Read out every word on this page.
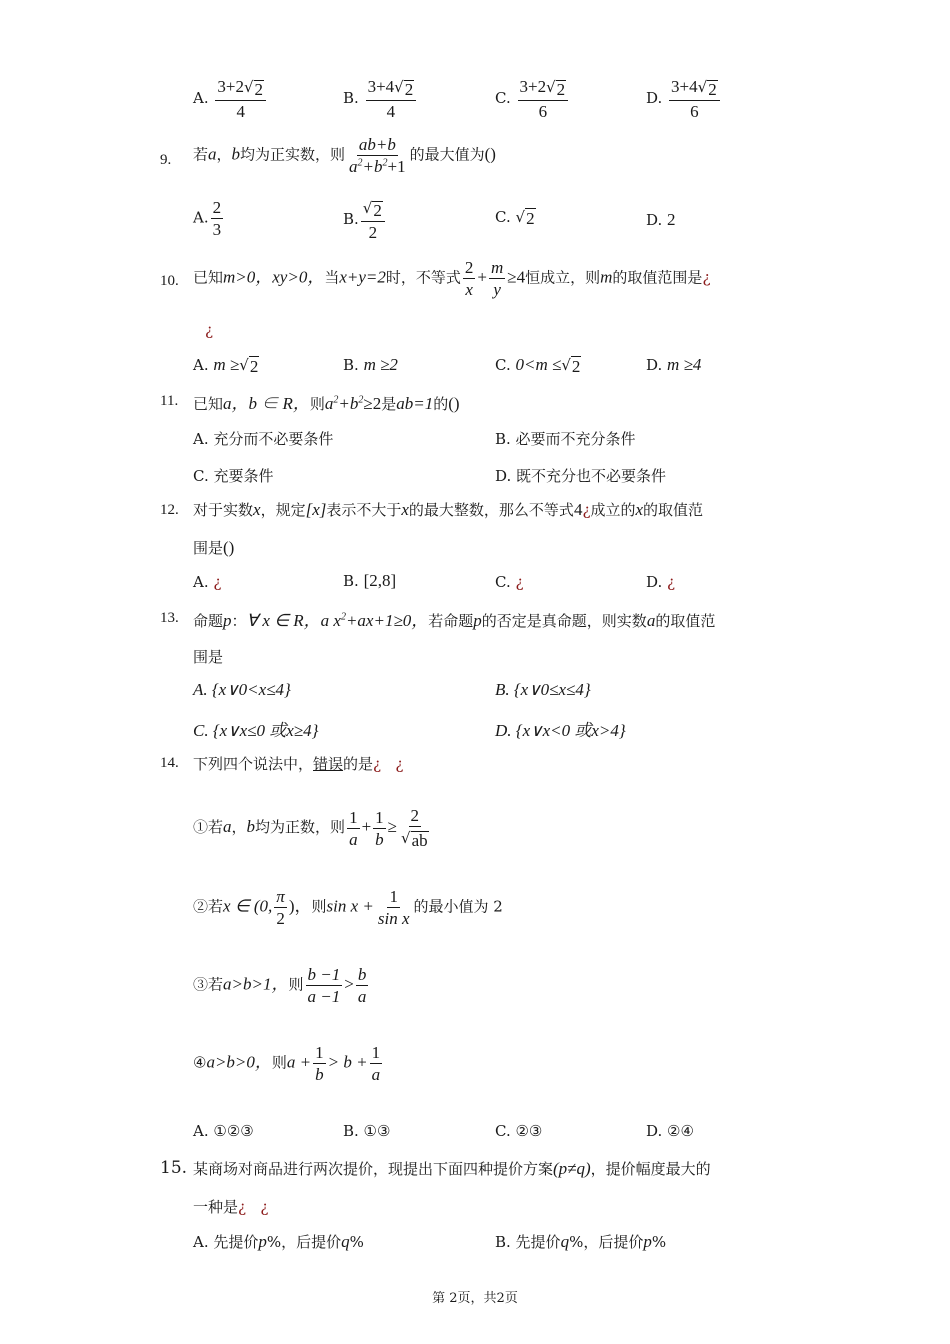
A. $\frac{3+2 √ 2}{4}$	B. $\frac{3+4 √ 2}{4}$	C. $\frac{3+2 √ 2}{6}$	D. $\frac{3+4 √ 2}{6}$
9. 若a，b均为正实数，则 $\frac{ab+b}{a^2+b^2+1}$ 的最大值为()
A. $\frac{2}{3}$	B. $\frac{√ 2}{2}$	C. √ 2	D. 2
10. 已知m>0，xy>0，当x+y=2时，不等式 $\frac{2}{x} + \frac{m}{y} \ge 4$恒成立，则m的取值范围是¿
¿
A. m ≥ √ 2	B. m ≥2	C. 0<m ≤ √ 2	D. m ≥4
11. 已知a，b ∈ R，则$a^2+b^2\ge 2$是ab=1的()
A. 充分而不必要条件	B. 必要而不充分条件
C. 充要条件	D. 既不充分也不必要条件
12. 对于实数x，规定[x]表示不大于x的最大整数，那么不等式4¿成立的x的取值范
围是()
A. ¿	B. [2,8]	C. ¿	D. ¿
13. 命题p：∀ x ∈ R，a $x^2+ax+1\ge 0$，若命题p的否定是真命题，则实数a的取值范
围是
A. {x∨0<x≤4}	B. {x∨0≤x≤4}
C. {x∨x≤0 或x≥4}	D. {x∨x<0 或x>4}
14. 下列四个说法中，错误的是¿ ¿
①若a，b均为正数，则 $\frac{1}{a} + \frac{1}{b} \ge \frac{2}{√ ab}$
②若x ∈ (0, $\frac{\pi}{2}$ )，则$\sin x + \frac{1}{\text{sin x}}$ 的最小值为 2
③若a>b>1，则 $\frac{b -1}{a -1} > \frac{b}{a}$
④a>b>0，则$a + \frac{1}{b} > b + \frac{1}{a}$
A. ①②③	B. ①③	C. ②③	D. ②④
15. 某商场对商品进行两次提价，现提出下面四种提价方案(p≠q)，提价幅度最大的
一种是¿ ¿
A. 先提价p%，后提价q%	B. 先提价q%，后提价p%
第 2页，共2页
